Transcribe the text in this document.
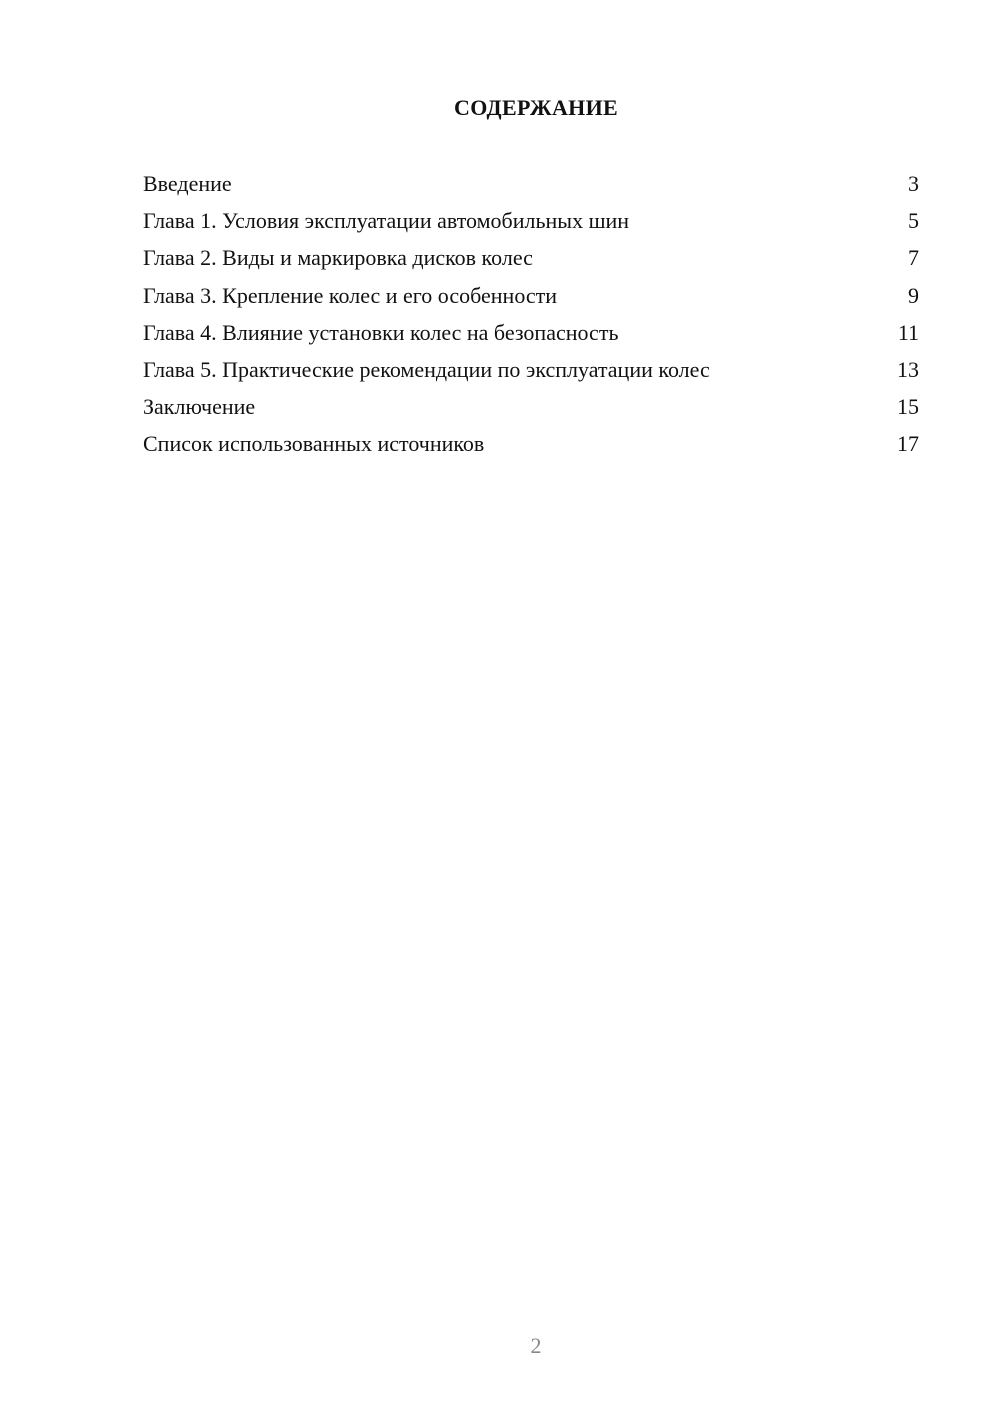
СОДЕРЖАНИЕ
Введение	3
Глава 1. Условия эксплуатации автомобильных шин	5
Глава 2. Виды и маркировка дисков колес	7
Глава 3. Крепление колес и его особенности	9
Глава 4. Влияние установки колес на безопасность	11
Глава 5. Практические рекомендации по эксплуатации колес	13
Заключение	15
Список использованных источников	17
2
